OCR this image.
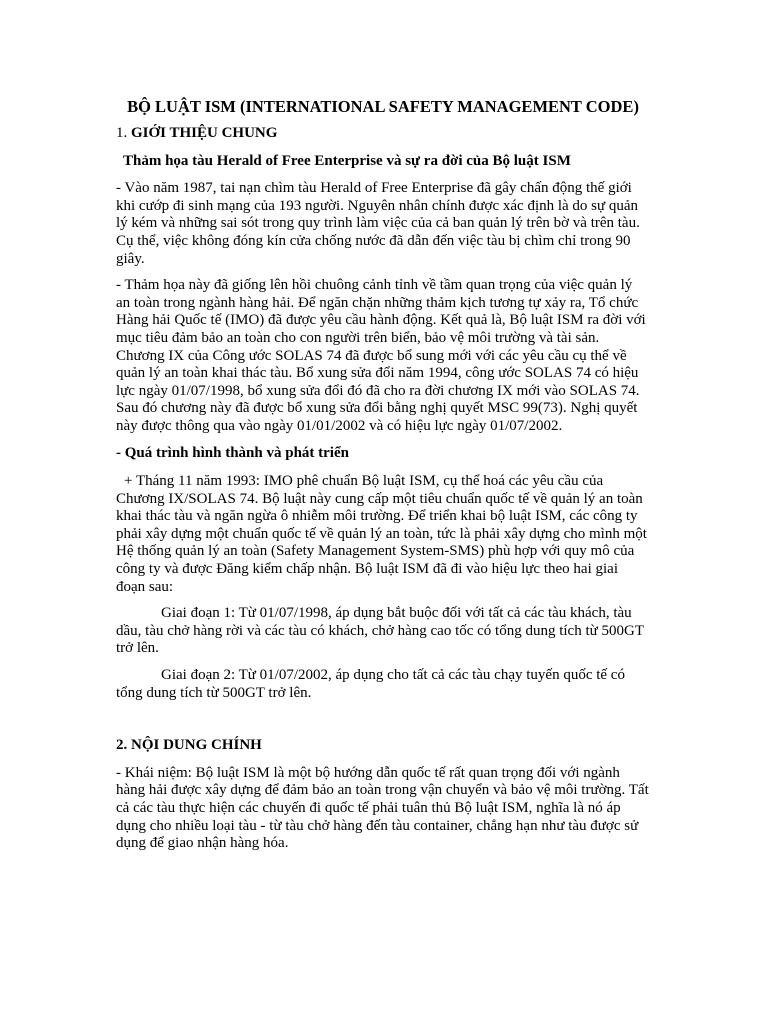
BỘ LUẬT ISM (INTERNATIONAL SAFETY MANAGEMENT CODE)
1. GIỚI THIỆU CHUNG
Thảm họa tàu Herald of Free Enterprise và sự ra đời của Bộ luật ISM

- Vào năm 1987, tai nạn chìm tàu Herald of Free Enterprise đã gây chấn động thế giới khi cướp đi sinh mạng của 193 người. Nguyên nhân chính được xác định là do sự quản lý kém và những sai sót trong quy trình làm việc của cả ban quản lý trên bờ và trên tàu. Cụ thể, việc không đóng kín cửa chống nước đã dẫn đến việc tàu bị chìm chỉ trong 90 giây.

- Thảm họa này đã giống lên hồi chuông cảnh tỉnh về tầm quan trọng của việc quản lý an toàn trong ngành hàng hải. Để ngăn chặn những thảm kịch tương tự xảy ra, Tổ chức Hàng hải Quốc tế (IMO) đã được yêu cầu hành động. Kết quả là, Bộ luật ISM ra đời với mục tiêu đảm bảo an toàn cho con người trên biển, bảo vệ môi trường và tài sản. Chương IX của Công ước SOLAS 74 đã được bổ sung mới với các yêu cầu cụ thể về quản lý an toàn khai thác tàu. Bổ xung sửa đổi năm 1994, công ước SOLAS 74 có hiệu lực ngày 01/07/1998, bổ xung sửa đổi đó đã cho ra đời chương IX mới vào SOLAS 74. Sau đó chương này đã được bổ xung sửa đổi bằng nghị quyết MSC 99(73). Nghị quyết này được thông qua vào ngày 01/01/2002 và có hiệu lực ngày 01/07/2002.

- Quá trình hình thành và phát triển

+ Tháng 11 năm 1993: IMO phê chuẩn Bộ luật ISM, cụ thể hoá các yêu cầu của Chương IX/SOLAS 74. Bộ luật này cung cấp một tiêu chuẩn quốc tế về quản lý an toàn khai thác tàu và ngăn ngừa ô nhiễm môi trường. Để triển khai bộ luật ISM, các công ty phải xây dựng một chuẩn quốc tế về quản lý an toàn, tức là phải xây dựng cho mình một Hệ thống quản lý an toàn (Safety Management System-SMS) phù hợp với quy mô của công ty và được Đăng kiểm chấp nhận. Bộ luật ISM đã đi vào hiệu lực theo hai giai đoạn sau:

Giai đoạn 1: Từ 01/07/1998, áp dụng bắt buộc đối với tất cả các tàu khách, tàu dầu, tàu chở hàng rời và các tàu có khách, chở hàng cao tốc có tổng dung tích từ 500GT trở lên.

Giai đoạn 2: Từ 01/07/2002, áp dụng cho tất cả các tàu chạy tuyến quốc tế có tổng dung tích từ 500GT trở lên.

2. NỘI DUNG CHÍNH

- Khái niệm: Bộ luật ISM là một bộ hướng dẫn quốc tế rất quan trọng đối với ngành hàng hải được xây dựng để đảm bảo an toàn trong vận chuyển và bảo vệ môi trường. Tất cả các tàu thực hiện các chuyến đi quốc tế phải tuân thủ Bộ luật ISM, nghĩa là nó áp dụng cho nhiều loại tàu - từ tàu chở hàng đến tàu container, chẳng hạn như tàu được sử dụng để giao nhận hàng hóa.
